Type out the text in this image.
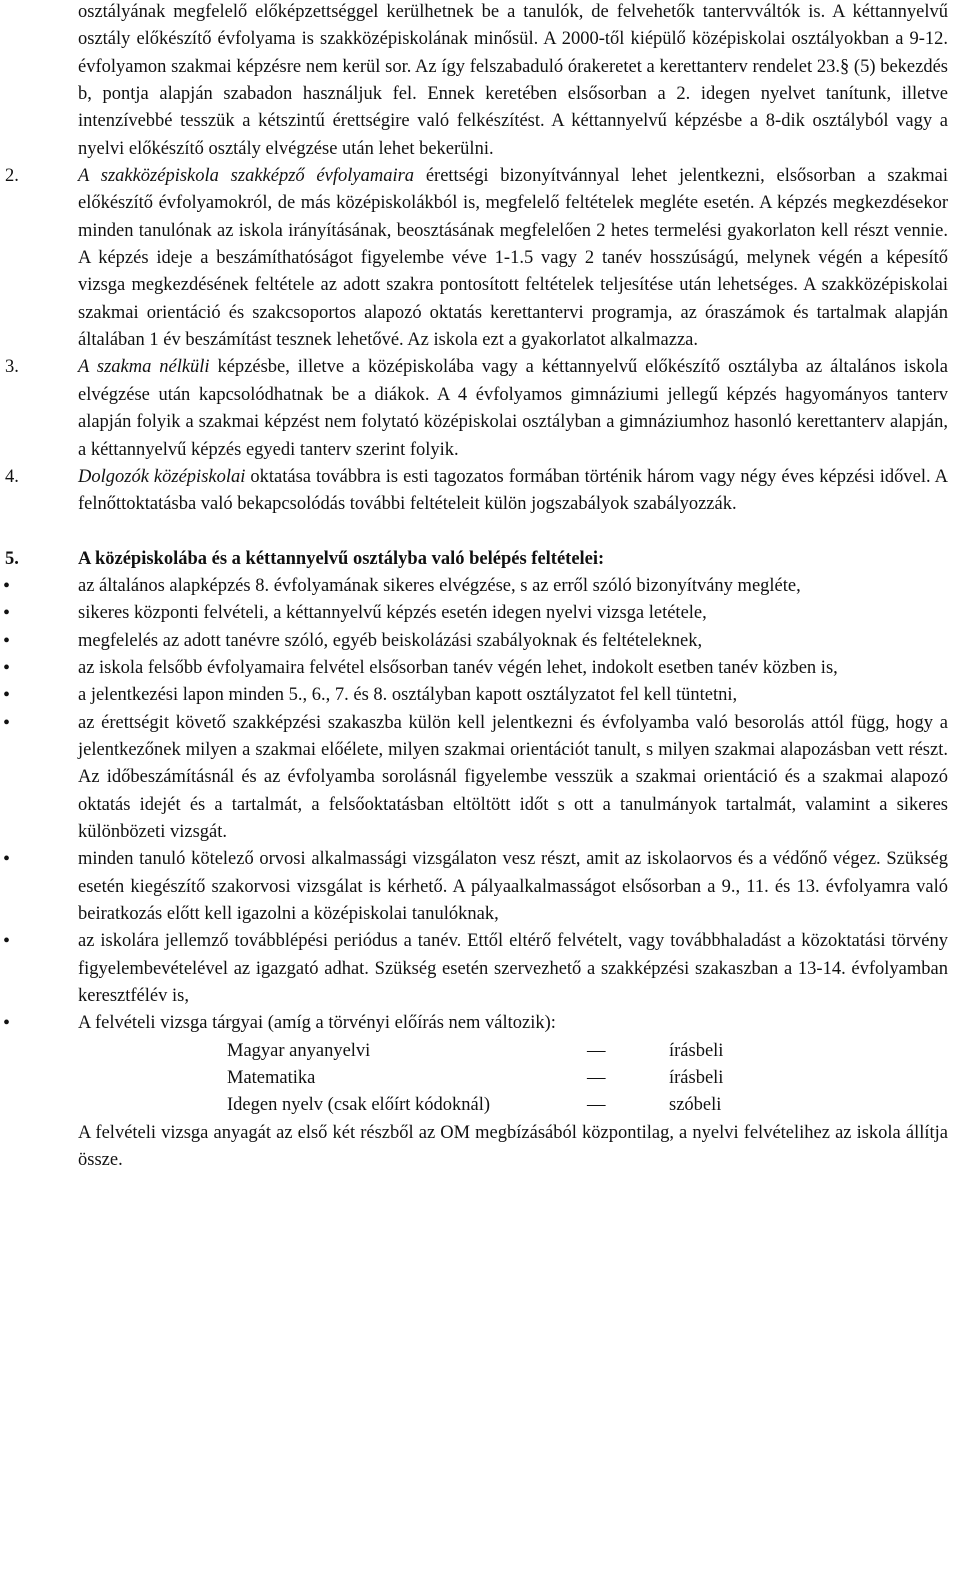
osztályának megfelelő előképzettséggel kerülhetnek be a tanulók, de felvehetők tantervváltók is. A kéttannyelvű osztály előkészítő évfolyama is szakközépiskolának minősül. A 2000-től kiépülő középiskolai osztályokban a 9-12. évfolyamon szakmai képzésre nem kerül sor. Az így felszabaduló órakeretet a kerettanterv rendelet 23.§ (5) bekezdés b, pontja alapján szabadon használjuk fel. Ennek keretében elsősorban a 2. idegen nyelvet tanítunk, illetve intenzívebbé tesszük a kétszintű érettségire való felkészítést. A kéttannyelvű képzésbe a 8-dik osztályból vagy a nyelvi előkészítő osztály elvégzése után lehet bekerülni.
2.	A szakközépiskola szakképző évfolyamaira érettségi bizonyítvánnyal lehet jelentkezni, elsősorban a szakmai előkészítő évfolyamokról, de más középiskolákból is, megfelelő feltételek megléte esetén. A képzés megkezdésekor minden tanulónak az iskola irányításának, beosztásának megfelelően 2 hetes termelési gyakorlaton kell részt vennie. A képzés ideje a beszámíthatóságot figyelembe véve 1-1.5 vagy 2 tanév hosszúságú, melynek végén a képesítő vizsga megkezdésének feltétele az adott szakra pontosított feltételek teljesítése után lehetséges. A szakközépiskolai szakmai orientáció és szakcsoportos alapozó oktatás kerettantervi programja, az óraszámok és tartalmak alapján általában 1 év beszámítást tesznek lehetővé. Az iskola ezt a gyakorlatot alkalmazza.
3.	A szakma nélküli képzésbe, illetve a középiskolába vagy a kéttannyelvű előkészítő osztályba az általános iskola elvégzése után kapcsolódhatnak be a diákok. A 4 évfolyamos gimnáziumi jellegű képzés hagyományos tanterv alapján folyik a szakmai képzést nem folytató középiskolai osztályban a gimnáziumhoz hasonló kerettanterv alapján, a kéttannyelvű képzés egyedi tanterv szerint folyik.
4.	Dolgozók középiskolai oktatása továbbra is esti tagozatos formában történik három vagy négy éves képzési idővel. A felnőttoktatásba való bekapcsolódás további feltételeit külön jogszabályok szabályozzák.
5.	A középiskolába és a kéttannyelvű osztályba való belépés feltételei:
•	az általános alapképzés 8. évfolyamának sikeres elvégzése, s az erről szóló bizonyítvány megléte,
•	sikeres központi felvételi, a kéttannyelvű képzés esetén idegen nyelvi vizsga letétele,
•	megfelelés az adott tanévre szóló, egyéb beiskolázási szabályoknak és feltételeknek,
•	az iskola felsőbb évfolyamaira felvétel elsősorban tanév végén lehet, indokolt esetben tanév közben is,
•	a jelentkezési lapon minden 5., 6., 7. és 8. osztályban kapott osztályzatot fel kell tüntetni,
•	az érettségit követő szakképzési szakaszba külön kell jelentkezni és évfolyamba való besorolás attól függ, hogy a jelentkezőnek milyen a szakmai előélete, milyen szakmai orientációt tanult, s milyen szakmai alapozásban vett részt. Az időbeszámításnál és az évfolyamba sorolásnál figyelembe vesszük a szakmai orientáció és a szakmai alapozó oktatás idejét és a tartalmát, a felsőoktatásban eltöltött időt s ott a tanulmányok tartalmát, valamint a sikeres különbözeti vizsgát.
•	minden tanuló kötelező orvosi alkalmassági vizsgálaton vesz részt, amit az iskolaorvos és a védőnő végez. Szükség esetén kiegészítő szakorvosi vizsgálat is kérhető. A pályaalkalmasságot elsősorban a 9., 11. és 13. évfolyamra való beiratkozás előtt kell igazolni a középiskolai tanulóknak,
•	az iskolára jellemző továbblépési periódus a tanév. Ettől eltérő felvételt, vagy továbbhaladást a közoktatási törvény figyelembevételével az igazgató adhat. Szükség esetén szervezhető a szakképzési szakaszban a 13-14. évfolyamban keresztfélév is,
•	A felvételi vizsga tárgyai (amíg a törvényi előírás nem változik):
Magyar anyanyelvi	—	írásbeli
Matematika	—	írásbeli
Idegen nyelv (csak előírt kódoknál)	—	szóbeli
A felvételi vizsga anyagát az első két részből az OM megbízásából központilag, a nyelvi felvételihez az iskola állítja össze.
